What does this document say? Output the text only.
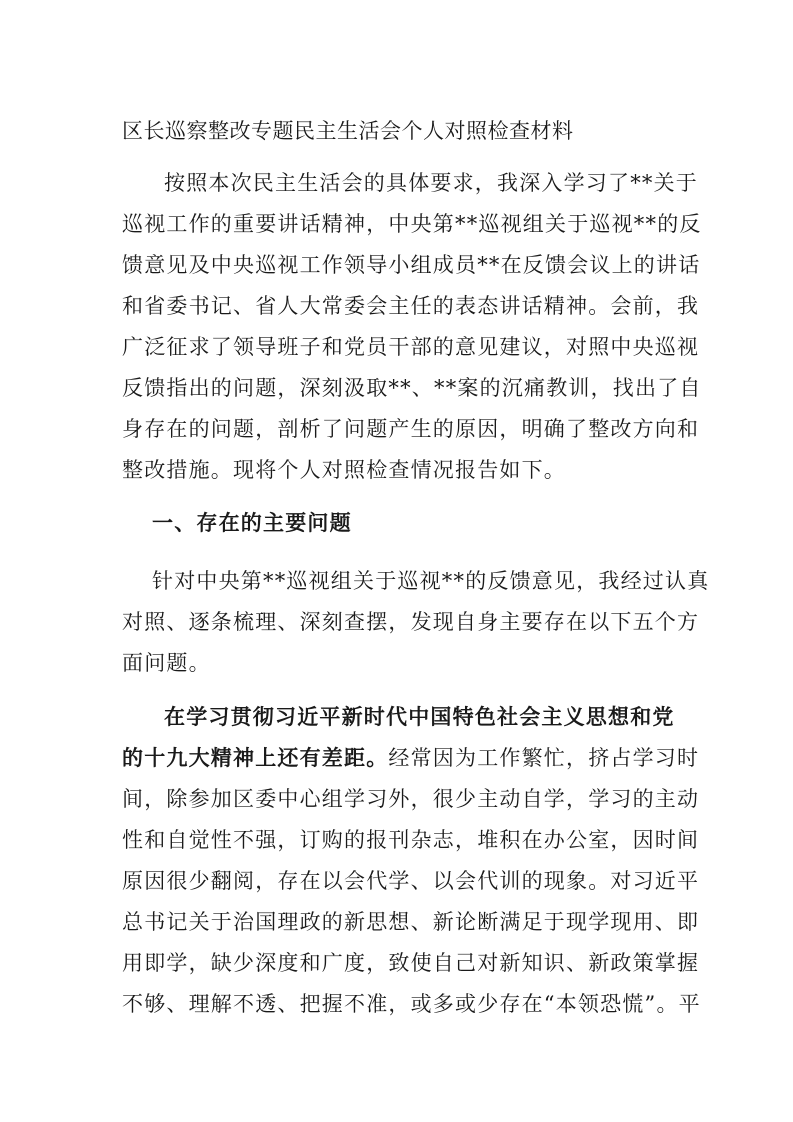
区长巡察整改专题民主生活会个人对照检查材料
按照本次民主生活会的具体要求，我深入学习了**关于
巡视工作的重要讲话精神，中央第**巡视组关于巡视**的反
馈意见及中央巡视工作领导小组成员**在反馈会议上的讲话
和省委书记、省人大常委会主任的表态讲话精神。会前，我
广泛征求了领导班子和党员干部的意见建议，对照中央巡视
反馈指出的问题，深刻汲取**、**案的沉痛教训，找出了自
身存在的问题，剖析了问题产生的原因，明确了整改方向和
整改措施。现将个人对照检查情况报告如下。
一、存在的主要问题
针对中央第**巡视组关于巡视**的反馈意见，我经过认真
对照、逐条梳理、深刻查摆，发现自身主要存在以下五个方
面问题。
在学习贯彻习近平新时代中国特色社会主义思想和党
的十九大精神上还有差距。经常因为工作繁忙，挤占学习时
间，除参加区委中心组学习外，很少主动自学，学习的主动
性和自觉性不强，订购的报刊杂志，堆积在办公室，因时间
原因很少翻阅，存在以会代学、以会代训的现象。对习近平
总书记关于治国理政的新思想、新论断满足于现学现用、即
用即学，缺少深度和广度，致使自己对新知识、新政策掌握
不够、理解不透、把握不准，或多或少存在“本领恐慌”。平
